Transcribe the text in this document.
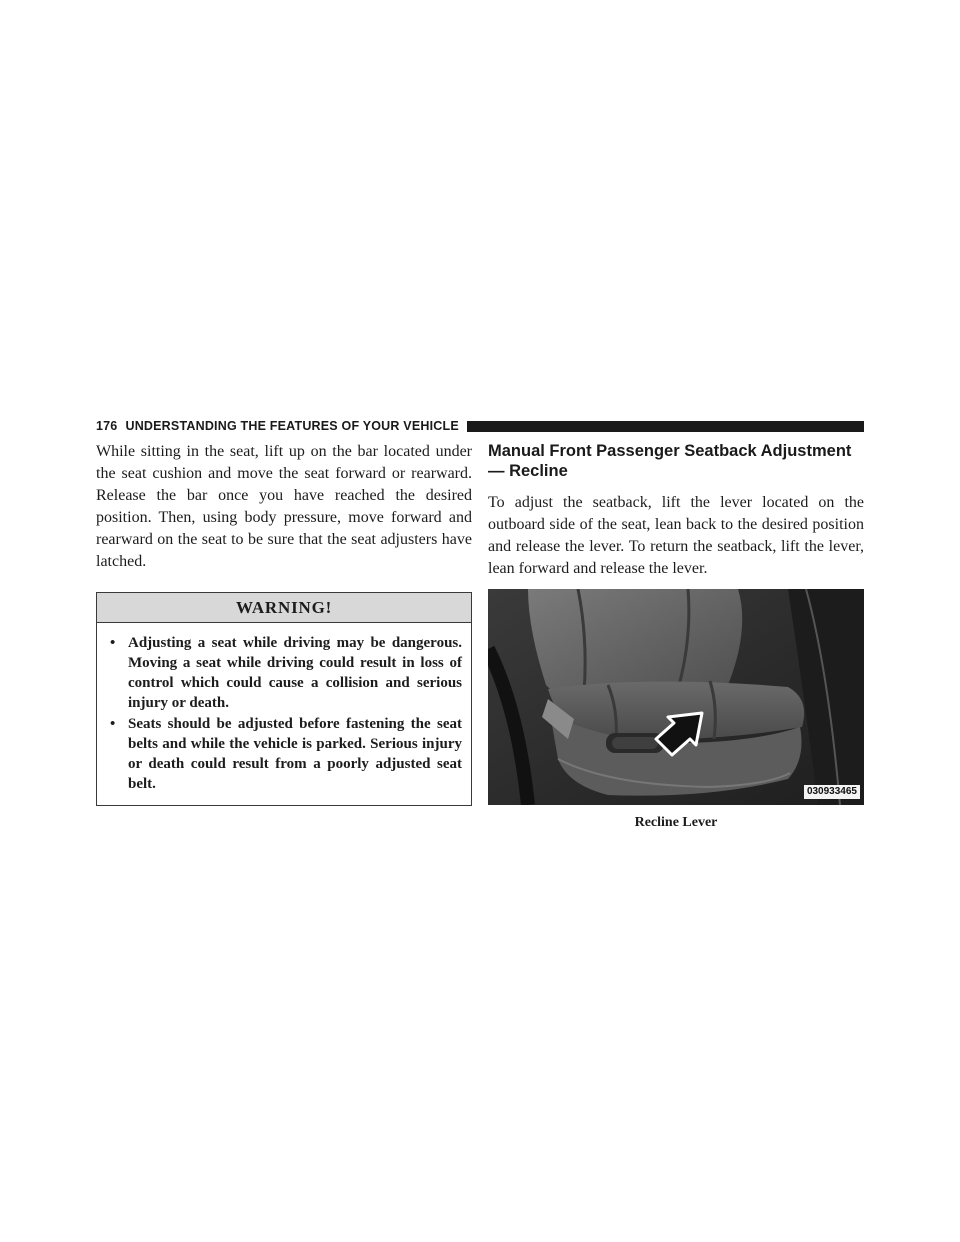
176 UNDERSTANDING THE FEATURES OF YOUR VEHICLE

While sitting in the seat, lift up on the bar located under the seat cushion and move the seat forward or rearward. Release the bar once you have reached the desired position. Then, using body pressure, move forward and rearward on the seat to be sure that the seat adjusters have latched.

WARNING!
• Adjusting a seat while driving may be dangerous. Moving a seat while driving could result in loss of control which could cause a collision and serious injury or death.
• Seats should be adjusted before fastening the seat belts and while the vehicle is parked. Serious injury or death could result from a poorly adjusted seat belt.
Manual Front Passenger Seatback Adjustment — Recline

To adjust the seatback, lift the lever located on the outboard side of the seat, lean back to the desired position and release the lever. To return the seatback, lift the lever, lean forward and release the lever.

030933465
Recline Lever
